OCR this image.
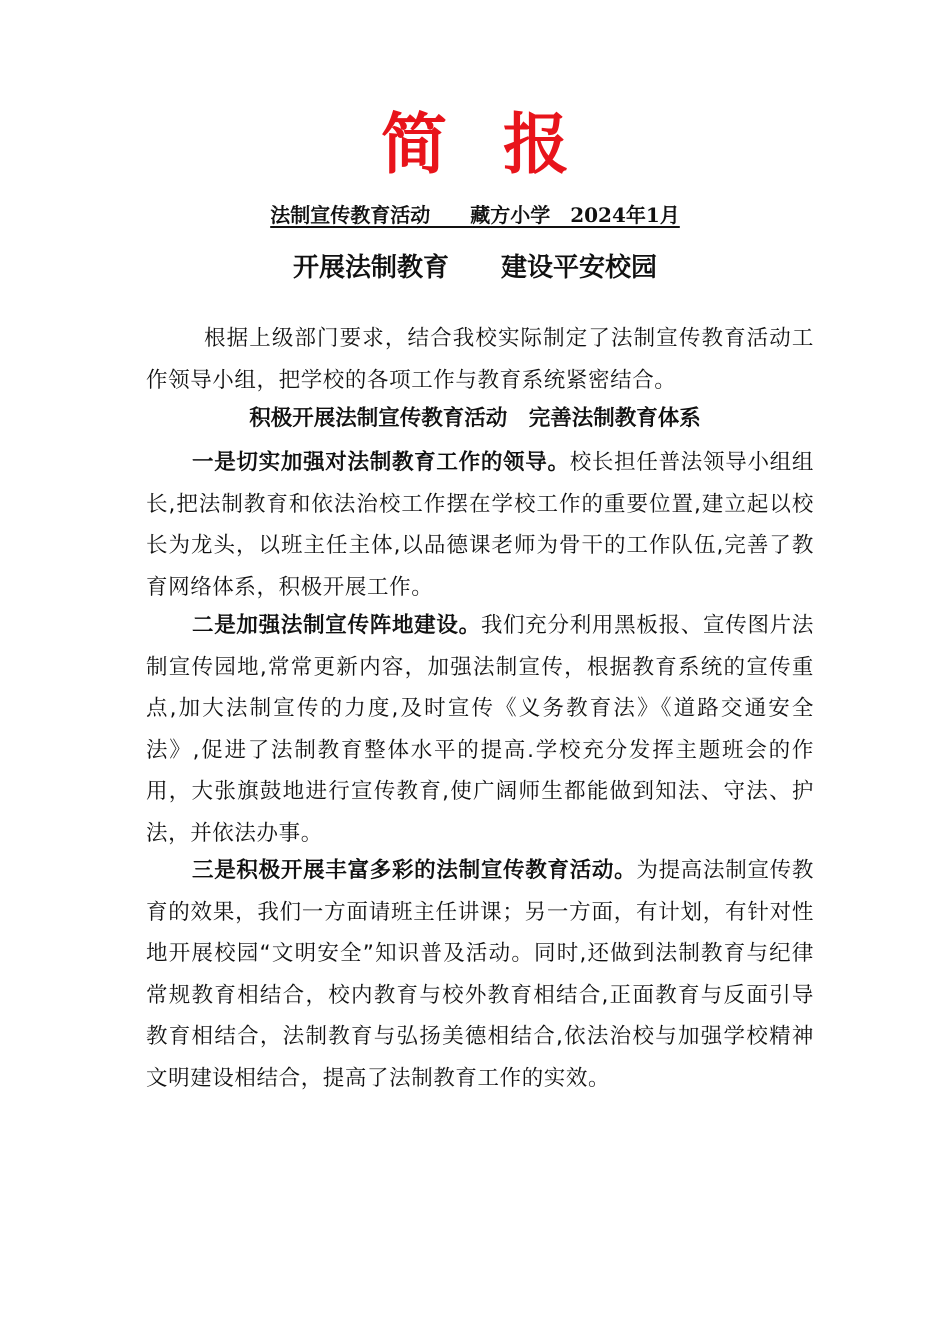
简报
法制宣传教育活动　　藏方小学　2024年1月
开展法制教育　　建设平安校园
根据上级部门要求，结合我校实际制定了法制宣传教育活动工作领导小组，把学校的各项工作与教育系统紧密结合。
积极开展法制宣传教育活动　完善法制教育体系
一是切实加强对法制教育工作的领导。校长担任普法领导小组组长,把法制教育和依法治校工作摆在学校工作的重要位置,建立起以校长为龙头，以班主任主体,以品德课老师为骨干的工作队伍,完善了教育网络体系，积极开展工作。
二是加强法制宣传阵地建设。我们充分利用黑板报、宣传图片法制宣传园地,常常更新内容，加强法制宣传，根据教育系统的宣传重点,加大法制宣传的力度,及时宣传《义务教育法》《道路交通安全法》,促进了法制教育整体水平的提高.学校充分发挥主题班会的作用，大张旗鼓地进行宣传教育,使广阔师生都能做到知法、守法、护法，并依法办事。
三是积极开展丰富多彩的法制宣传教育活动。为提高法制宣传教育的效果，我们一方面请班主任讲课；另一方面，有计划，有针对性地开展校园“文明安全”知识普及活动。同时,还做到法制教育与纪律常规教育相结合，校内教育与校外教育相结合,正面教育与反面引导教育相结合，法制教育与弘扬美德相结合,依法治校与加强学校精神文明建设相结合，提高了法制教育工作的实效。
